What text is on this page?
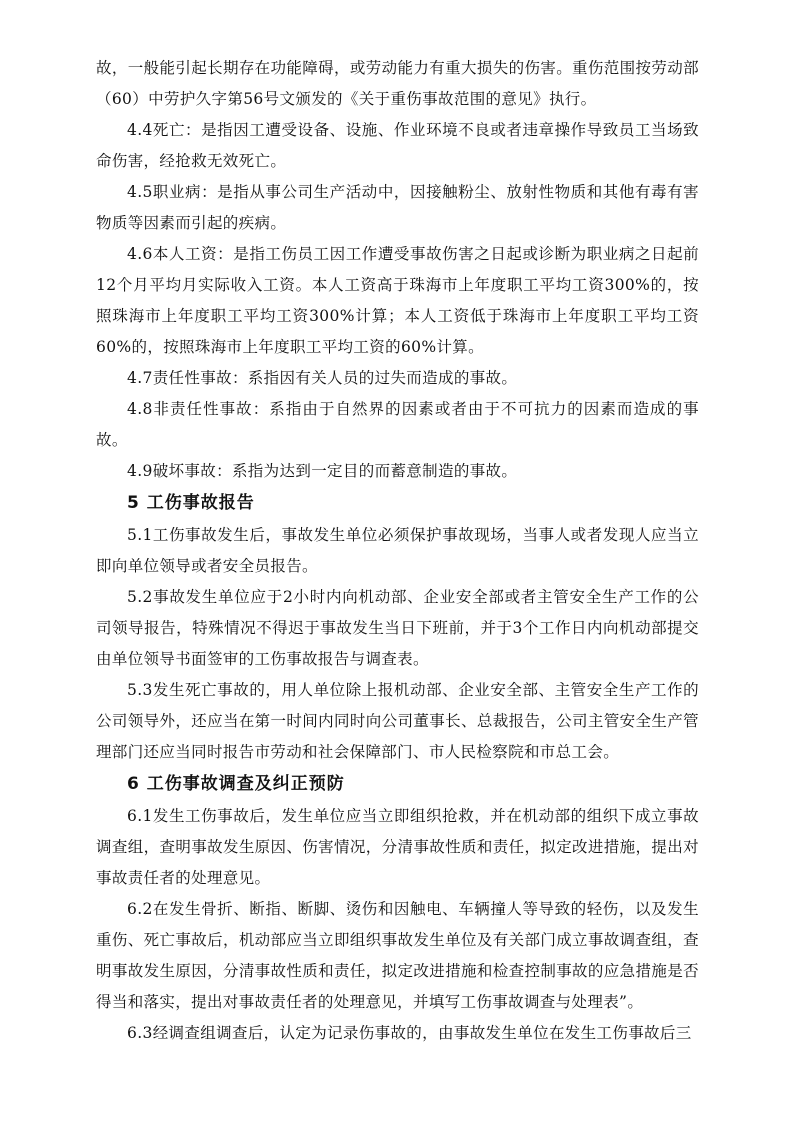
故，一般能引起长期存在功能障碍，或劳动能力有重大损失的伤害。重伤范围按劳动部（60）中劳护久字第56号文颁发的《关于重伤事故范围的意见》执行。

4.4死亡：是指因工遭受设备、设施、作业环境不良或者违章操作导致员工当场致命伤害，经抢救无效死亡。

4.5职业病：是指从事公司生产活动中，因接触粉尘、放射性物质和其他有毒有害物质等因素而引起的疾病。

4.6本人工资：是指工伤员工因工作遭受事故伤害之日起或诊断为职业病之日起前12个月平均月实际收入工资。本人工资高于珠海市上年度职工平均工资300%的，按照珠海市上年度职工平均工资300%计算；本人工资低于珠海市上年度职工平均工资60%的，按照珠海市上年度职工平均工资的60%计算。

4.7责任性事故：系指因有关人员的过失而造成的事故。

4.8非责任性事故：系指由于自然界的因素或者由于不可抗力的因素而造成的事故。

4.9破坏事故：系指为达到一定目的而蓄意制造的事故。

5 工伤事故报告

5.1工伤事故发生后，事故发生单位必须保护事故现场，当事人或者发现人应当立即向单位领导或者安全员报告。

5.2事故发生单位应于2小时内向机动部、企业安全部或者主管安全生产工作的公司领导报告，特殊情况不得迟于事故发生当日下班前，并于3个工作日内向机动部提交由单位领导书面签审的工伤事故报告与调查表。

5.3发生死亡事故的，用人单位除上报机动部、企业安全部、主管安全生产工作的公司领导外，还应当在第一时间内同时向公司董事长、总裁报告，公司主管安全生产管理部门还应当同时报告市劳动和社会保障部门、市人民检察院和市总工会。

6 工伤事故调查及纠正预防

6.1发生工伤事故后，发生单位应当立即组织抢救，并在机动部的组织下成立事故调查组，查明事故发生原因、伤害情况，分清事故性质和责任，拟定改进措施，提出对事故责任者的处理意见。

6.2在发生骨折、断指、断脚、烫伤和因触电、车辆撞人等导致的轻伤，以及发生重伤、死亡事故后，机动部应当立即组织事故发生单位及有关部门成立事故调查组，查明事故发生原因，分清事故性质和责任，拟定改进措施和检查控制事故的应急措施是否得当和落实，提出对事故责任者的处理意见，并填写工伤事故调查与处理表”。

6.3经调查组调查后，认定为记录伤事故的，由事故发生单位在发生工伤事故后三
